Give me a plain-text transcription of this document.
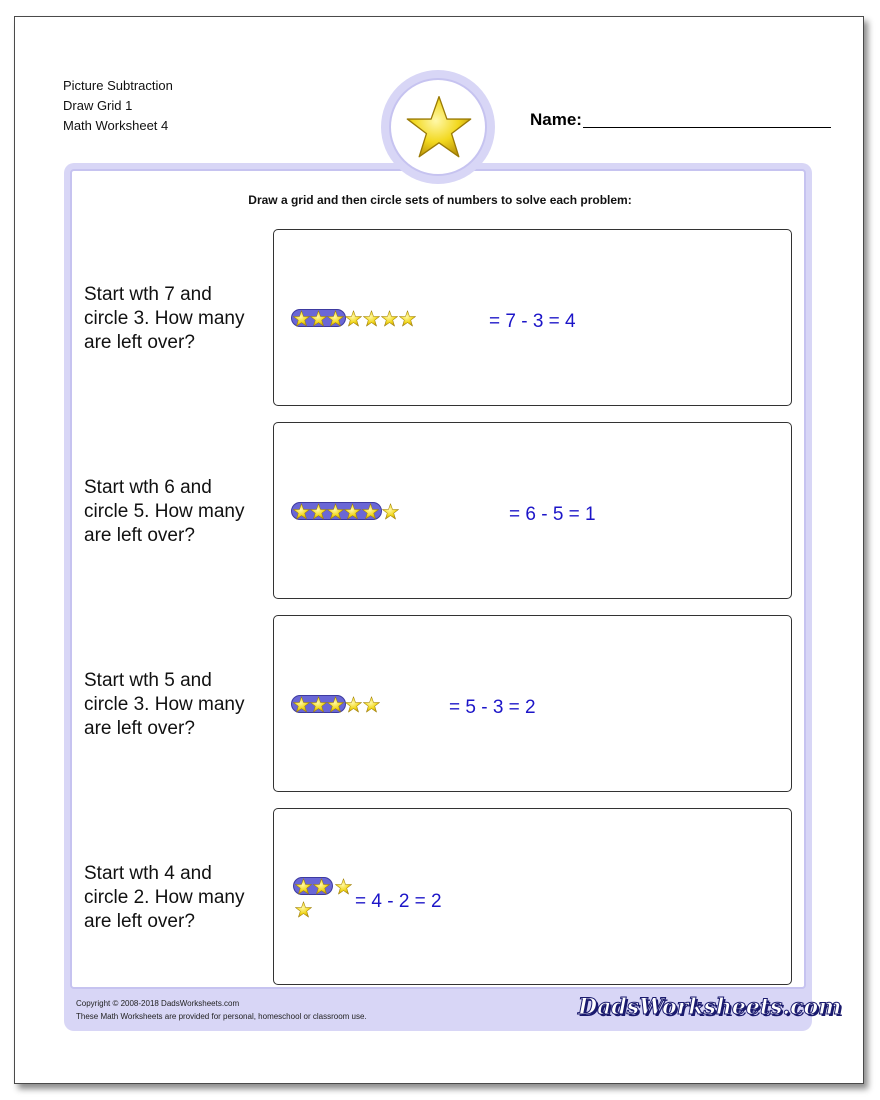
Picture Subtraction
Draw Grid 1
Math Worksheet 4	Name:
Draw a grid and then circle sets of numbers to solve each problem:
Start wth 7 and
circle 3. How many
are left over?
= 7 - 3 = 4
Start wth 6 and
circle 5. How many
are left over?
= 6 - 5 = 1
Start wth 5 and
circle 3. How many
are left over?
= 5 - 3 = 2
Start wth 4 and
circle 2. How many
are left over?
= 4 - 2 = 2
Copyright © 2008-2018 DadsWorksheets.com
These Math Worksheets are provided for personal, homeschool or classroom use.	DadsWorksheets.com
